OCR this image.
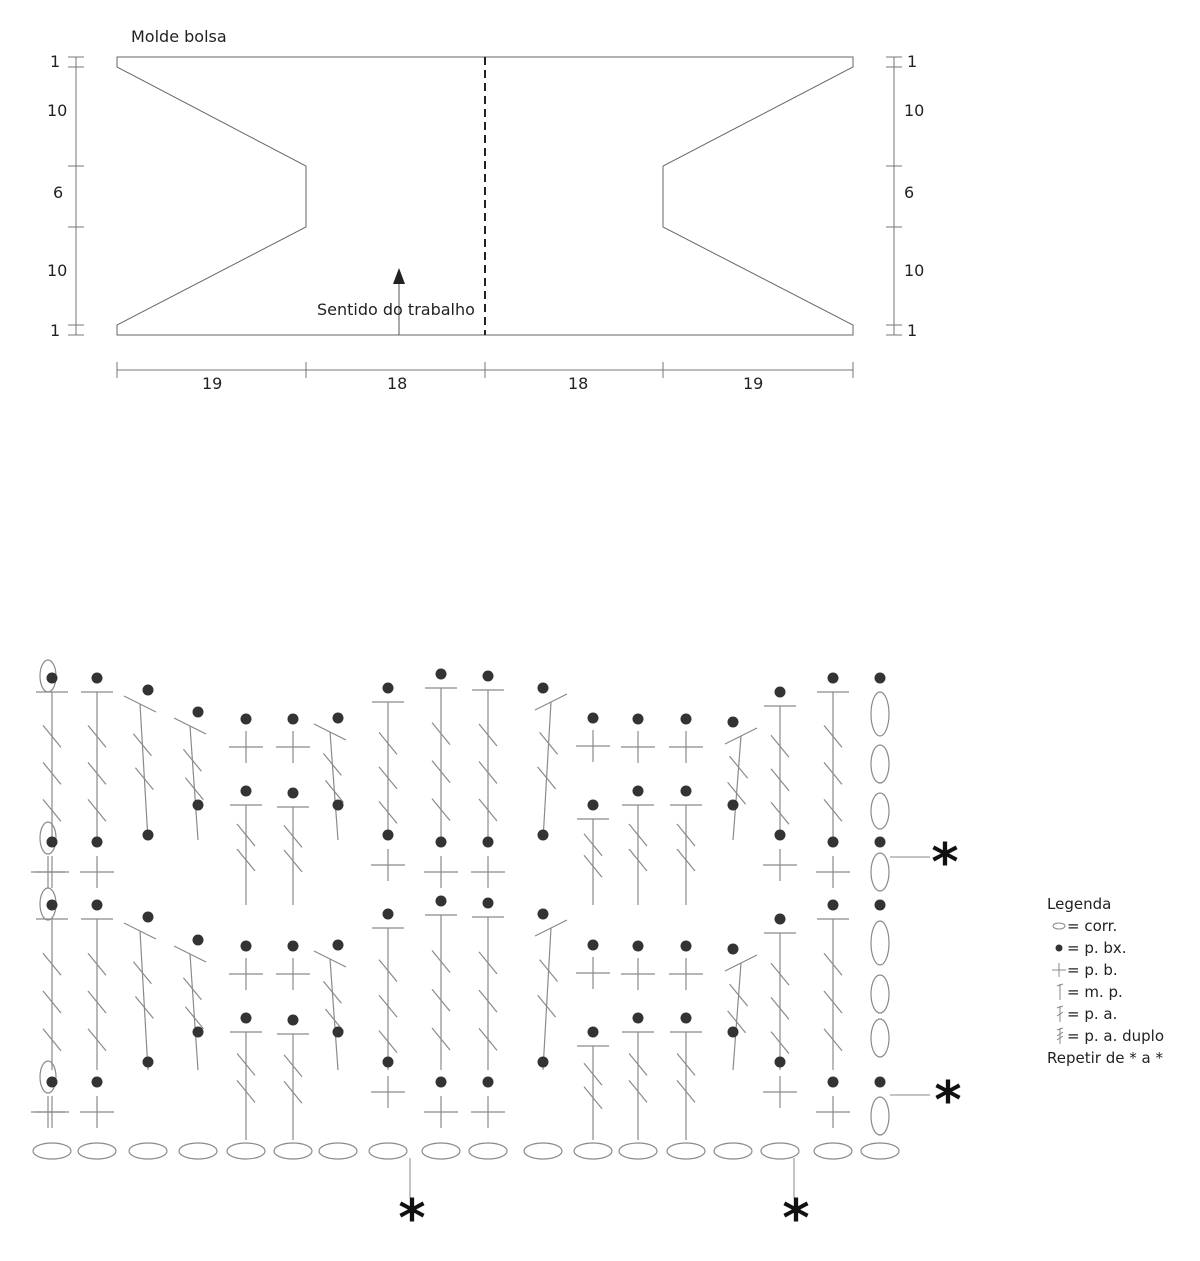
Molde bolsa
Sentido do trabalho
1
10
6
10
1
1
10
6
10
1
19	18	18	19
*
*
*	*
Legenda
= corr.
= p. bx.
= p. b.
= m. p.
= p. a.
= p. a. duplo
Repetir de * a *
